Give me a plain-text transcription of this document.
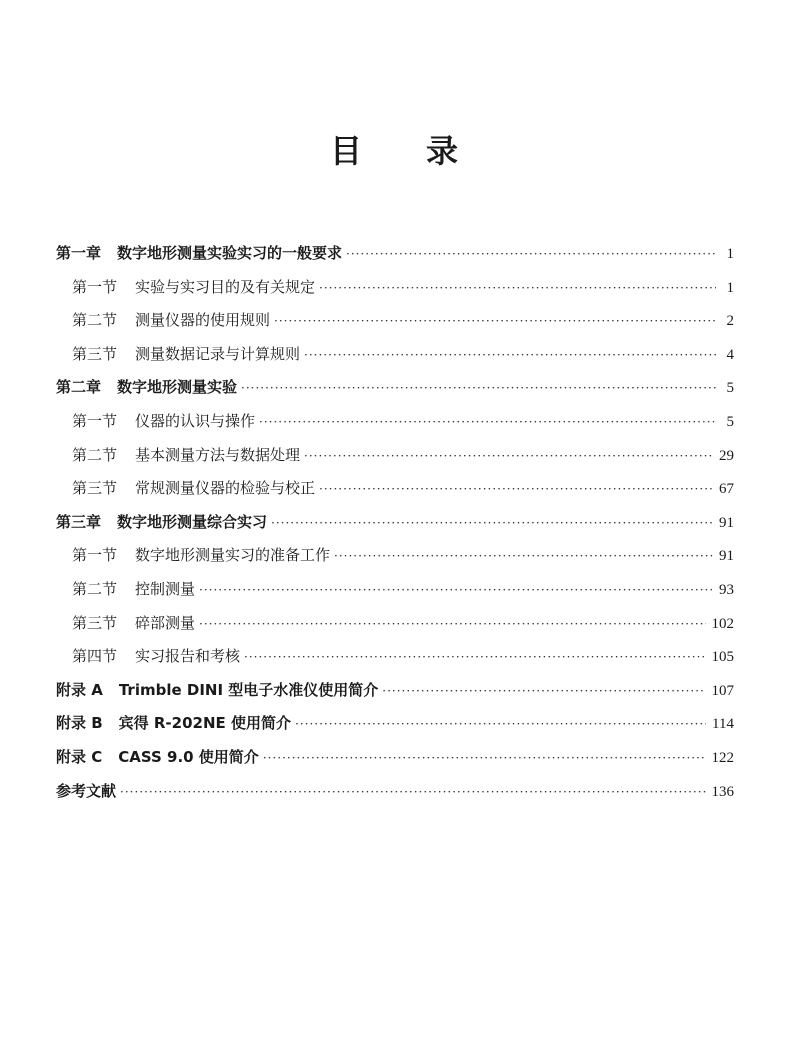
目 录
第一章 数字地形测量实验实习的一般要求 ·····	1
第一节 实验与实习目的及有关规定 ·····	1
第二节 测量仪器的使用规则 ·····	2
第三节 测量数据记录与计算规则 ·····	4
第二章 数字地形测量实验 ·····	5
第一节 仪器的认识与操作 ·····	5
第二节 基本测量方法与数据处理 ·····	29
第三节 常规测量仪器的检验与校正 ·····	67
第三章 数字地形测量综合实习 ·····	91
第一节 数字地形测量实习的准备工作 ·····	91
第二节 控制测量 ·····	93
第三节 碎部测量 ·····	102
第四节 实习报告和考核 ·····	105
附录 A Trimble DINI 型电子水准仪使用简介 ·····	107
附录 B 宾得 R-202NE 使用简介 ·····	114
附录 C CASS 9.0 使用简介 ·····	122
参考文献 ·····	136
